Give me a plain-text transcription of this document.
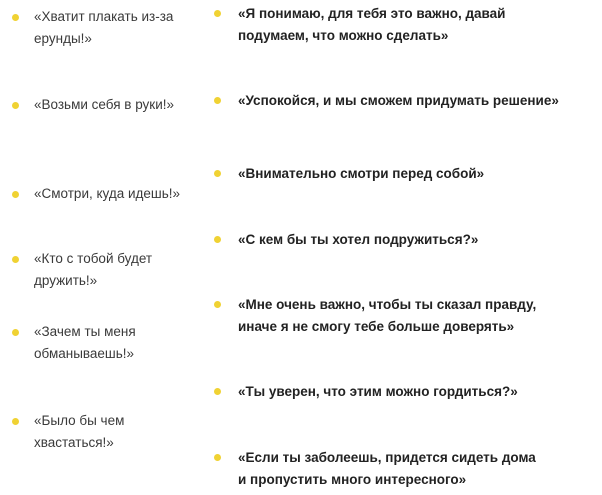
«Хватит плакать из-за
ерунды!»
«Возьми себя в руки!»
«Смотри, куда идешь!»
«Кто с тобой будет
дружить!»
«Зачем ты меня
обманываешь!»
«Было бы чем
хвастаться!»
«Я понимаю, для тебя это важно, давай
подумаем, что можно сделать»
«Успокойся, и мы сможем придумать решение»
«Внимательно смотри перед собой»
«С кем бы ты хотел подружиться?»
«Мне очень важно, чтобы ты сказал правду,
иначе я не смогу тебе больше доверять»
«Ты уверен, что этим можно гордиться?»
«Если ты заболеешь, придется сидеть дома
и пропустить много интересного»
